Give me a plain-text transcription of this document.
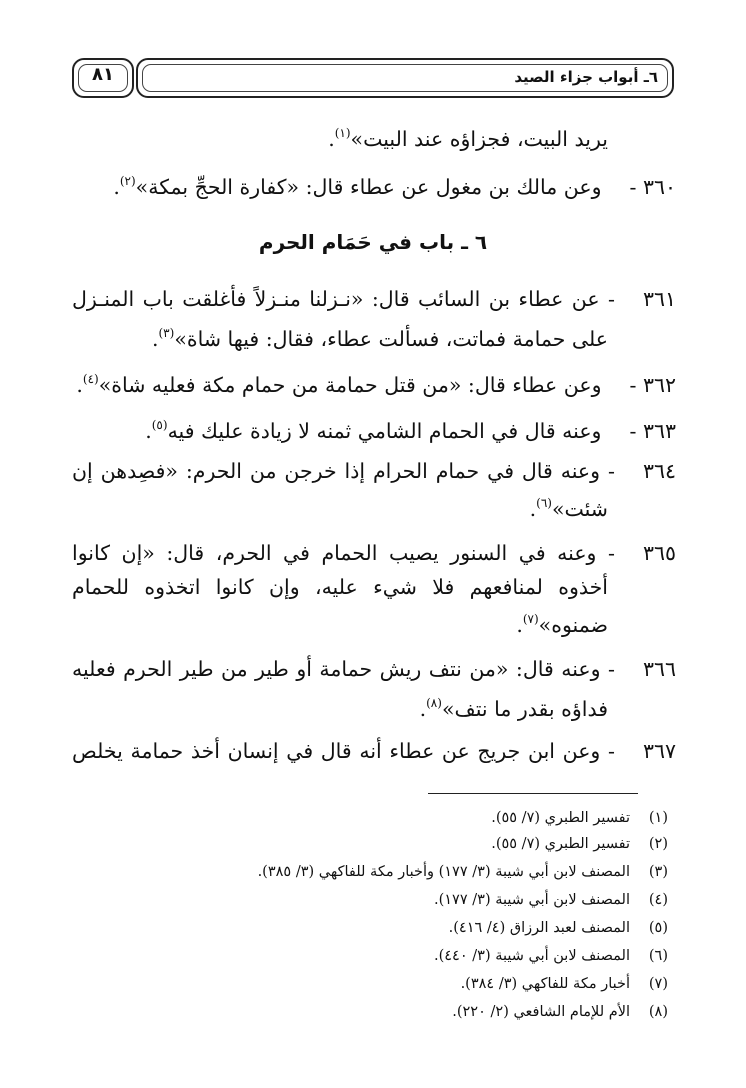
٦ـ أبواب جزاء الصيد
٨١
يريد البيت، فجزاؤه عند البيت»$^{(١)}$.
٣٦٠ - وعن مالك بن مغول عن عطاء قال: «كفارة الحجِّ بمكة»$^{(٢)}$.
٦ ـ باب في حَمَام الحرم
٣٦١ - عن عطاء بن السائب قال: «نـزلنا منـزلاً فأغلقت باب المنـزل
على حمامة فماتت، فسألت عطاء، فقال: فيها شاة»$^{(٣)}$.
٣٦٢ - وعن عطاء قال: «من قتل حمامة من حمام مكة فعليه شاة»$^{(٤)}$.
٣٦٣ - وعنه قال في الحمام الشامي ثمنه لا زيادة عليك فيه$^{(٥)}$.
٣٦٤ - وعنه قال في حمام الحرام إذا خرجن من الحرم: «فصِدهن إن
شئت»$^{(٦)}$.
٣٦٥ - وعنه في السنور يصيب الحمام في الحرم، قال: «إن كانوا
أخذوه لمنافعهم فلا شيء عليه، وإن كانوا اتخذوه للحمام
ضمنوه»$^{(٧)}$.
٣٦٦ - وعنه قال: «من نتف ريش حمامة أو طير من طير الحرم فعليه
فداؤه بقدر ما نتف»$^{(٨)}$.
٣٦٧ - وعن ابن جريج عن عطاء أنه قال في إنسان أخذ حمامة يخلص
(١)تفسير الطبري (٧/ ٥٥).
(٢)تفسير الطبري (٧/ ٥٥).
(٣)المصنف لابن أبي شيبة (٣/ ١٧٧) وأخبار مكة للفاكهي (٣/ ٣٨٥).
(٤)المصنف لابن أبي شيبة (٣/ ١٧٧).
(٥)المصنف لعبد الرزاق (٤/ ٤١٦).
(٦)المصنف لابن أبي شيبة (٣/ ٤٤٠).
(٧)أخبار مكة للفاكهي (٣/ ٣٨٤).
(٨)الأم للإمام الشافعي (٢/ ٢٢٠).
